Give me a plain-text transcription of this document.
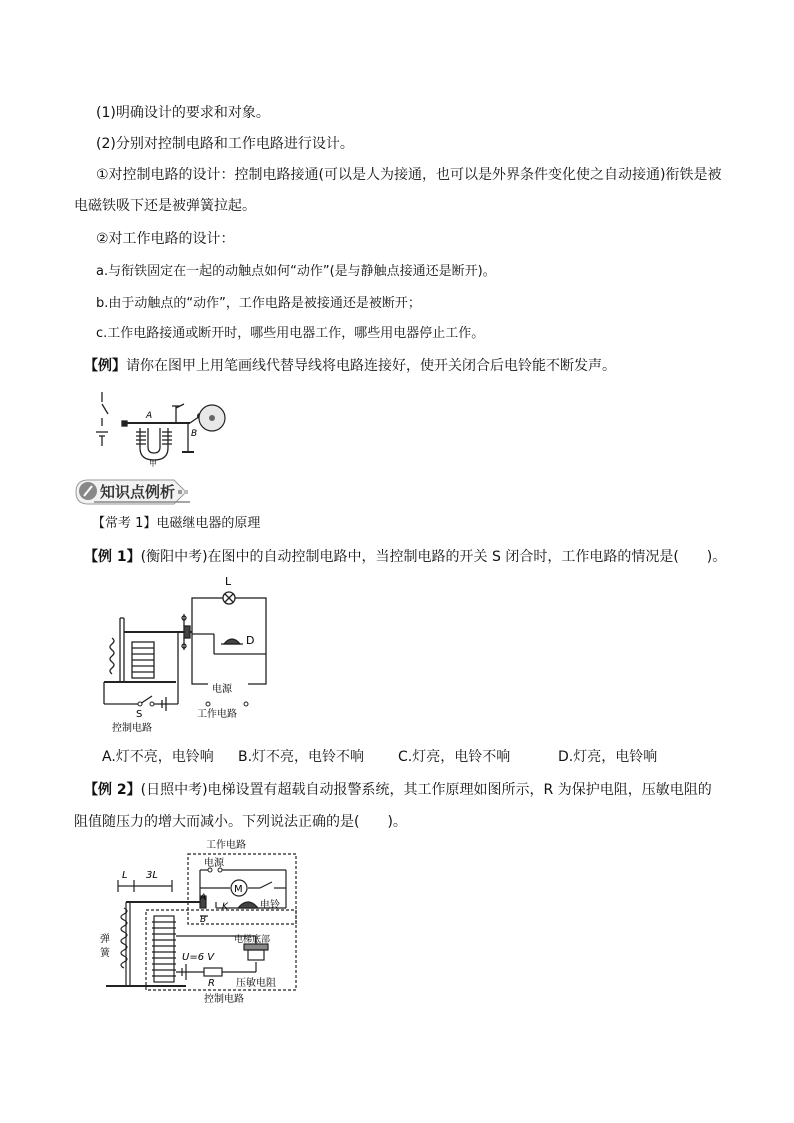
(1)明确设计的要求和对象。
(2)分别对控制电路和工作电路进行设计。
①对控制电路的设计：控制电路接通(可以是人为接通，也可以是外界条件变化使之自动接通)衔铁是被
电磁铁吸下还是被弹簧拉起。
②对工作电路的设计：
a.与衔铁固定在一起的动触点如何“动作”(是与静触点接通还是断开)。
b.由于动触点的“动作”，工作电路是被接通还是被断开；
c.工作电路接通或断开时，哪些用电器工作，哪些用电器停止工作。
【例】请你在图甲上用笔画线代替导线将电路连接好，使开关闭合后电铃能不断发声。
A
B
甲
知识点例析
【常考 1】电磁继电器的原理
【例 1】(衡阳中考)在图中的自动控制电路中，当控制电路的开关 S 闭合时，工作电路的情况是(　　)。
L
D
电源
工作电路
S
控制电路
A.灯不亮，电铃响 B.灯不亮，电铃不响 C.灯亮，电铃不响	D.灯亮，电铃响
【例 2】(日照中考)电梯设置有超载自动报警系统，其工作原理如图所示，R 为保护电阻，压敏电阻的
阻值随压力的增大而减小。下列说法正确的是(　　)。
M
工作电路
电源
L 3L
A
B
K	电铃
弹
簧	U=6 V
电梯底部
R 压敏电阻
控制电路
